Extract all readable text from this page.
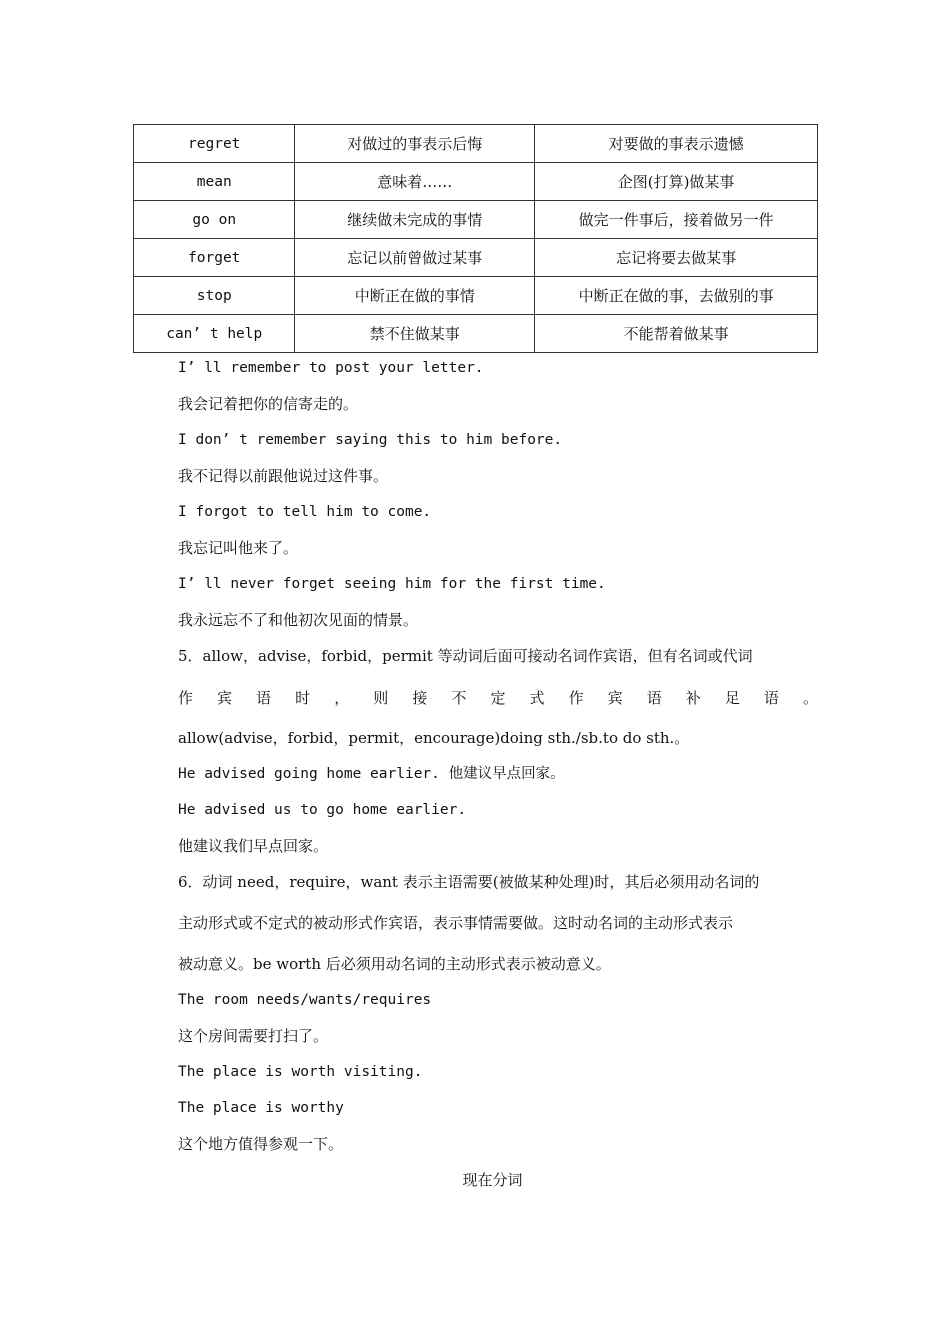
regret	对做过的事表示后悔	对要做的事表示遗憾
mean	意味着……	企图(打算)做某事
go on	继续做未完成的事情	做完一件事后，接着做另一件
forget	忘记以前曾做过某事	忘记将要去做某事
stop	中断正在做的事情	中断正在做的事，去做别的事
can’ t help	禁不住做某事	不能帮着做某事

I’ ll remember to post your letter.

我会记着把你的信寄走的。

I don’ t remember saying this to him before.

我不记得以前跟他说过这件事。

I forgot to tell him to come.

我忘记叫他来了。

I’ ll never forget seeing him for the first time.

我永远忘不了和他初次见面的情景。

5．allow，advise，forbid，permit 等动词后面可接动名词作宾语，但有名词或代词

作 宾 语 时 ， 则 接 不 定 式 作 宾 语 补 足 语 。

allow(advise，forbid，permit，encourage)doing sth./sb.to do sth.。

He advised going home earlier. 他建议早点回家。

He advised us to go home earlier.

他建议我们早点回家。

6．动词 need，require，want 表示主语需要(被做某种处理)时，其后必须用动名词的

主动形式或不定式的被动形式作宾语，表示事情需要做。这时动名词的主动形式表示

被动意义。be worth 后必须用动名词的主动形式表示被动意义。

The room needs/wants/requires

这个房间需要打扫了。

The place is worth visiting.

The place is worthy

这个地方值得参观一下。

现在分词
